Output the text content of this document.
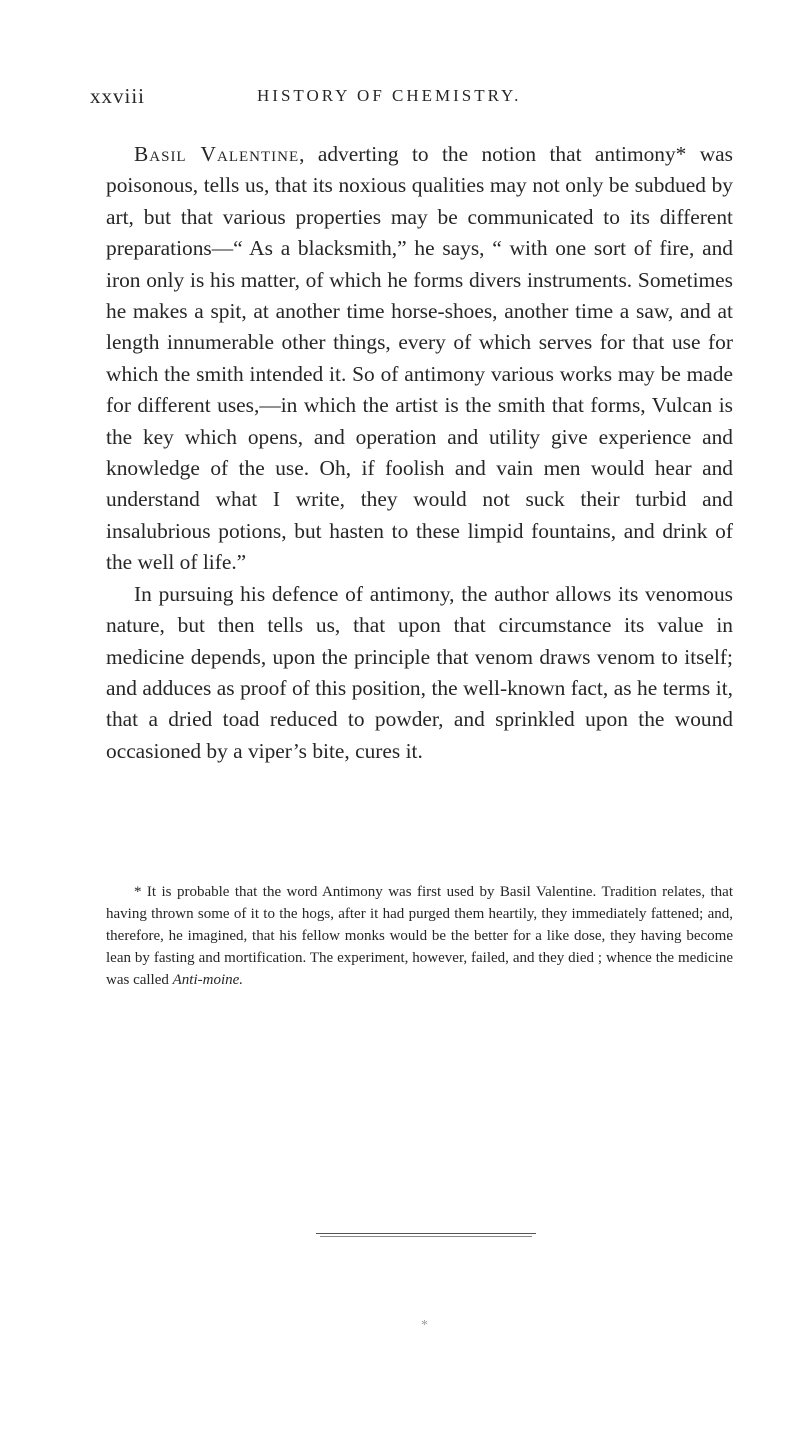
xxviii	HISTORY OF CHEMISTRY.

Basil Valentine, adverting to the notion that antimony* was poisonous, tells us, that its noxious qualities may not only be subdued by art, but that various properties may be communicated to its different preparations—“ As a blacksmith,” he says, “ with one sort of fire, and iron only is his matter, of which he forms divers instruments. Sometimes he makes a spit, at another time horse-shoes, another time a saw, and at length innumerable other things, every of which serves for that use for which the smith intended it. So of antimony various works may be made for different uses,—in which the artist is the smith that forms, Vulcan is the key which opens, and operation and utility give experience and knowledge of the use. Oh, if foolish and vain men would hear and understand what I write, they would not suck their turbid and insalubrious potions, but hasten to these limpid fountains, and drink of the well of life.”

In pursuing his defence of antimony, the author allows its venomous nature, but then tells us, that upon that circumstance its value in medicine depends, upon the principle that venom draws venom to itself; and adduces as proof of this position, the well-known fact, as he terms it, that a dried toad reduced to powder, and sprinkled upon the wound occasioned by a viper’s bite, cures it.

* It is probable that the word Antimony was first used by Basil Valentine. Tradition relates, that having thrown some of it to the hogs, after it had purged them heartily, they immediately fattened; and, therefore, he imagined, that his fellow monks would be the better for a like dose, they having become lean by fasting and mortification. The experiment, however, failed, and they died ; whence the medicine was called Anti-moine.

*
